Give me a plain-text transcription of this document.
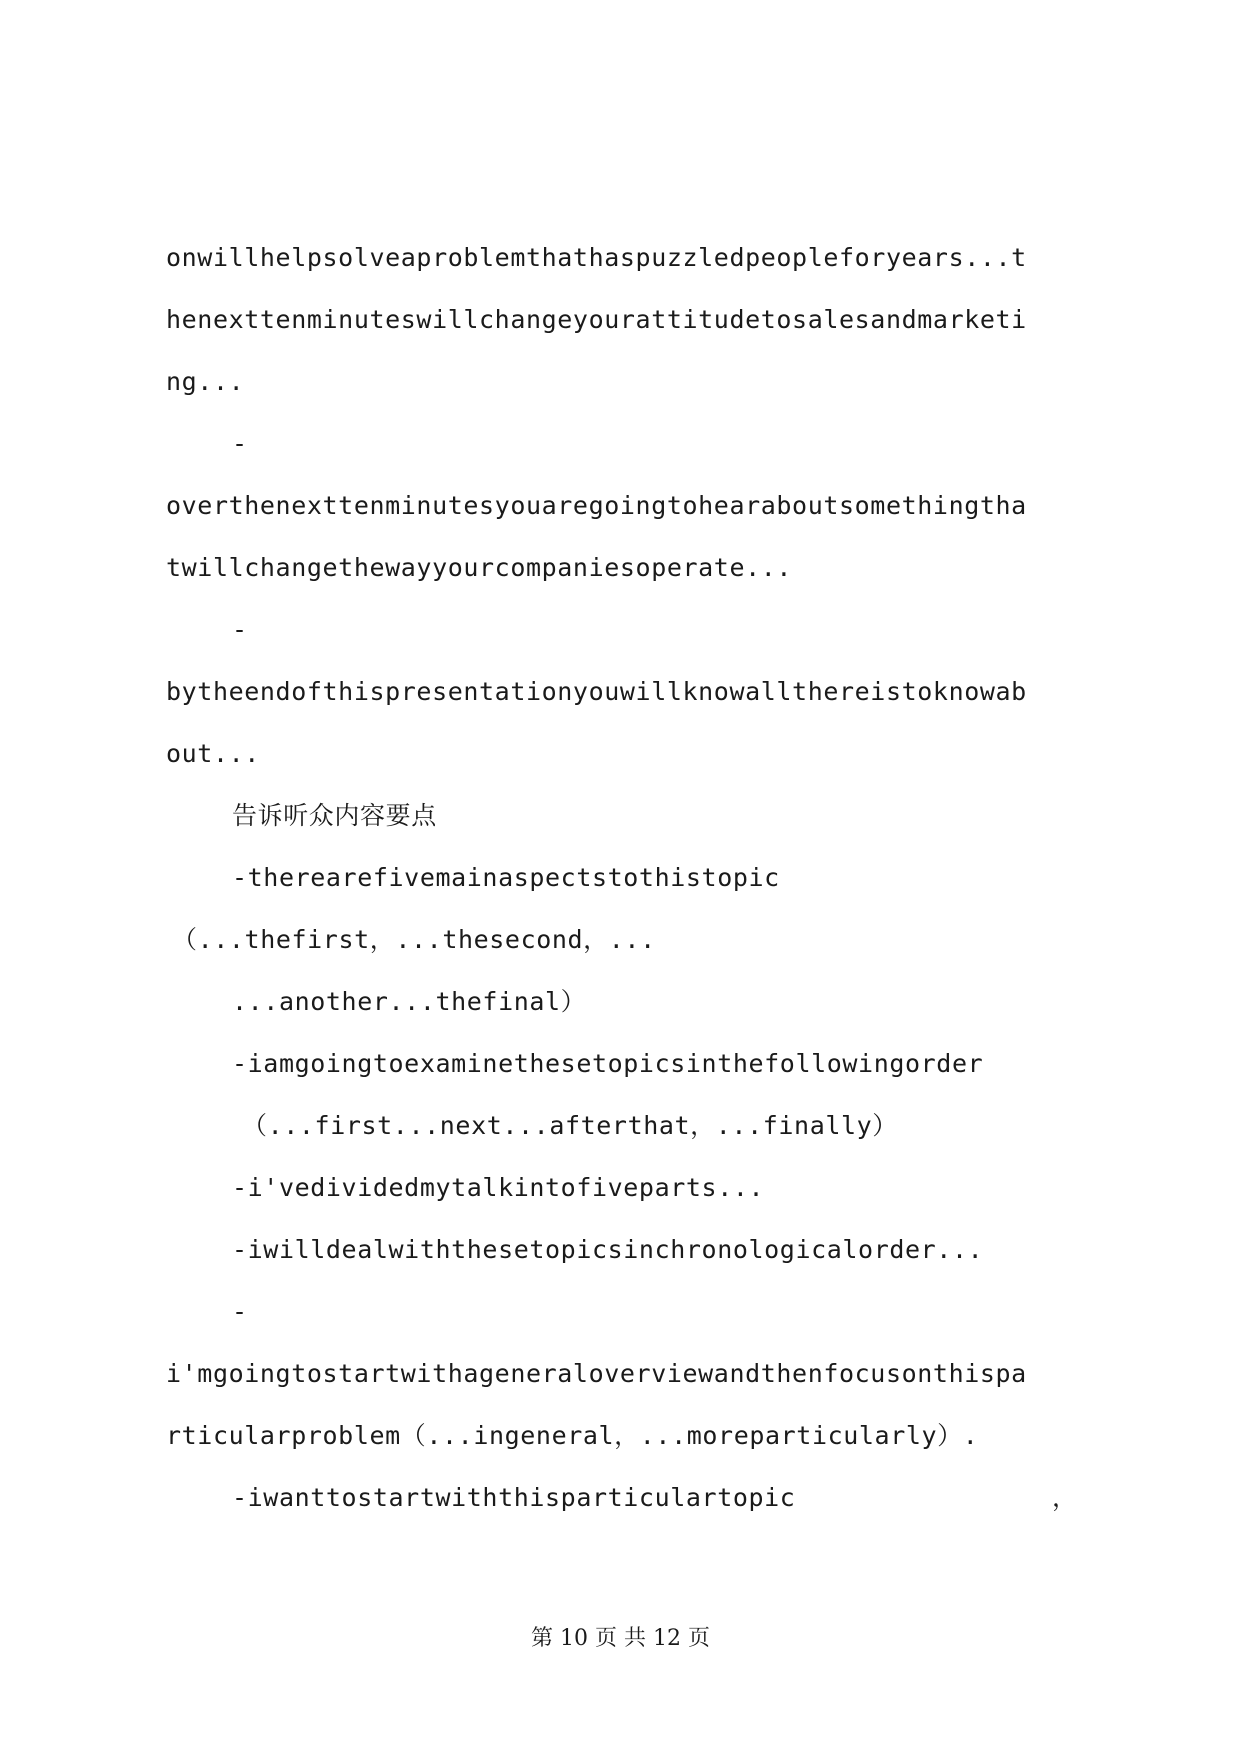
onwillhelpsolveaproblemthathaspuzzledpeopleforyears...t
henexttenminuteswillchangeyourattitudetosalesandmarketi
ng...
-
overthenexttenminutesyouaregoingtohearaboutsomethingtha
twillchangethewayyourcompaniesoperate...
-
bytheendofthispresentationyouwillknowallthereistoknowab
out...
告诉听众内容要点
-therearefivemainaspectstothistopic
（...thefirst，...thesecond，...
...another...thefinal）
-iamgoingtoexaminethesetopicsinthefollowingorder
（...first...next...afterthat，...finally）
-i'vedividedmytalkintofiveparts...
-iwilldealwiththesetopicsinchronologicalorder...
-
i'mgoingtostartwithageneraloverviewandthenfocusonthispa
rticularproblem（...ingeneral，...moreparticularly）.
-iwanttostartwiththisparticulartopic	，
第 10 页 共 12 页
